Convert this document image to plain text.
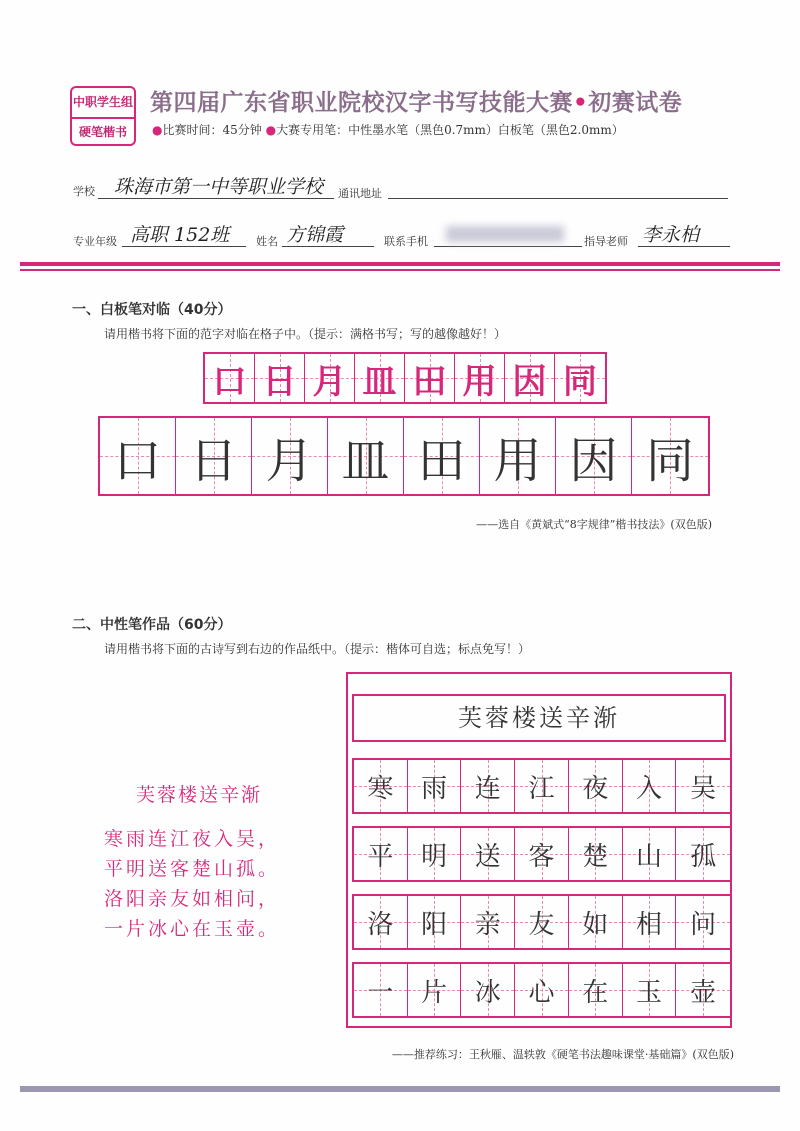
中职学生组
硬笔楷书
第四届广东省职业院校汉字书写技能大赛•初赛试卷
●比赛时间：45分钟 ●大赛专用笔：中性墨水笔（黑色0.7mm）白板笔（黑色2.0mm）
学校 珠海市第一中等职业学校 通讯地址
专业年级 高职 152班 姓名 方锦霞	联系手机	指导老师 李永柏
一、白板笔对临（40分）
请用楷书将下面的范字对临在格子中。（提示：满格书写；写的越像越好！）
口 日 月 皿 田 用 因 同
口 日 月 皿 田 用 因 同
——选自《黄斌式“8字规律”楷书技法》(双色版)
二、中性笔作品（60分）
请用楷书将下面的古诗写到右边的作品纸中。（提示：楷体可自选；标点免写！）
芙蓉楼送辛渐
寒雨连江夜入吴，
平明送客楚山孤。
洛阳亲友如相问，
一片冰心在玉壶。
芙蓉楼送辛渐
寒 雨 连 江 夜 入 吴
平 明 送 客 楚 山 孤
洛 阳 亲 友 如 相 问
一 片 冰 心 在 玉 壶
——推荐练习：王秋雁、温轶敦《硬笔书法趣味课堂·基础篇》(双色版)
